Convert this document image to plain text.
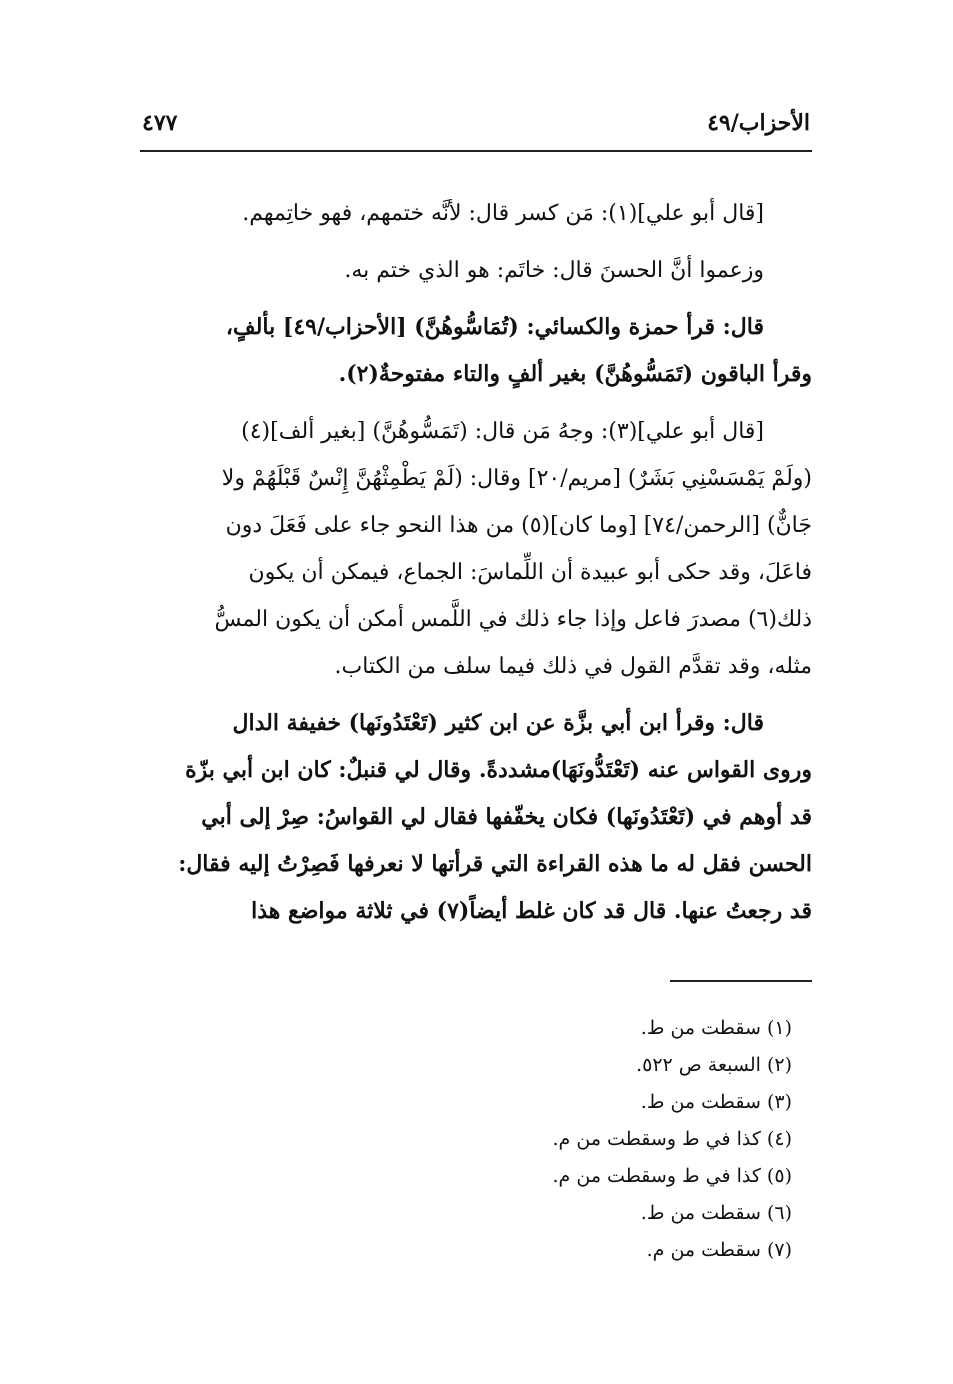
الأحزاب/٤٩
٤٧٧

[قال أبو علي](١): مَن كسر قال: لأنَّه ختمهم، فهو خاتِمهم.

وزعموا أنَّ الحسنَ قال: خاتَم: هو الذي ختم به.

قال: قرأ حمزة والكسائي: (تُمَاسُّوهُنَّ) [الأحزاب/٤٩] بألفٍ،
وقرأ الباقون (تَمَسُّوهُنَّ) بغير ألفٍ والتاء مفتوحةٌ(٢).

[قال أبو علي](٣): وجهُ مَن قال: (تَمَسُّوهُنَّ) [بغير ألف](٤)
(ولَمْ يَمْسَسْنِي بَشَرٌ) [مريم/٢٠] وقال: (لَمْ يَطْمِثْهُنَّ إِنْسٌ قَبْلَهُمْ ولا
جَانٌّ) [الرحمن/٧٤] [وما كان](٥) من هذا النحو جاء على فَعَلَ دون
فاعَلَ، وقد حكى أبو عبيدة أن اللِّماسَ: الجماع، فيمكن أن يكون
ذلك(٦) مصدرَ فاعل وإذا جاء ذلك في اللَّمس أمكن أن يكون المسُّ
مثله، وقد تقدَّم القول في ذلك فيما سلف من الكتاب.

قال: وقرأ ابن أبي بزَّة عن ابن كثير (تَعْتَدُونَها) خفيفة الدال
وروى القواس عنه (تَعْتَدُّونَهَا)مشددةً. وقال لي قنبلٌ: كان ابن أبي بزّة
قد أوهم في (تَعْتَدُونَها) فكان يخفّفها فقال لي القواسُ: صِرْ إلى أبي
الحسن فقل له ما هذه القراءة التي قرأتها لا نعرفها فَصِرْتُ إليه فقال:
قد رجعتُ عنها. قال قد كان غلط أيضاً(٧) في ثلاثة مواضع هذا

(١) سقطت من ط.
(٢) السبعة ص ٥٢٢.
(٣) سقطت من ط.
(٤) كذا في ط وسقطت من م.
(٥) كذا في ط وسقطت من م.
(٦) سقطت من ط.
(٧) سقطت من م.
